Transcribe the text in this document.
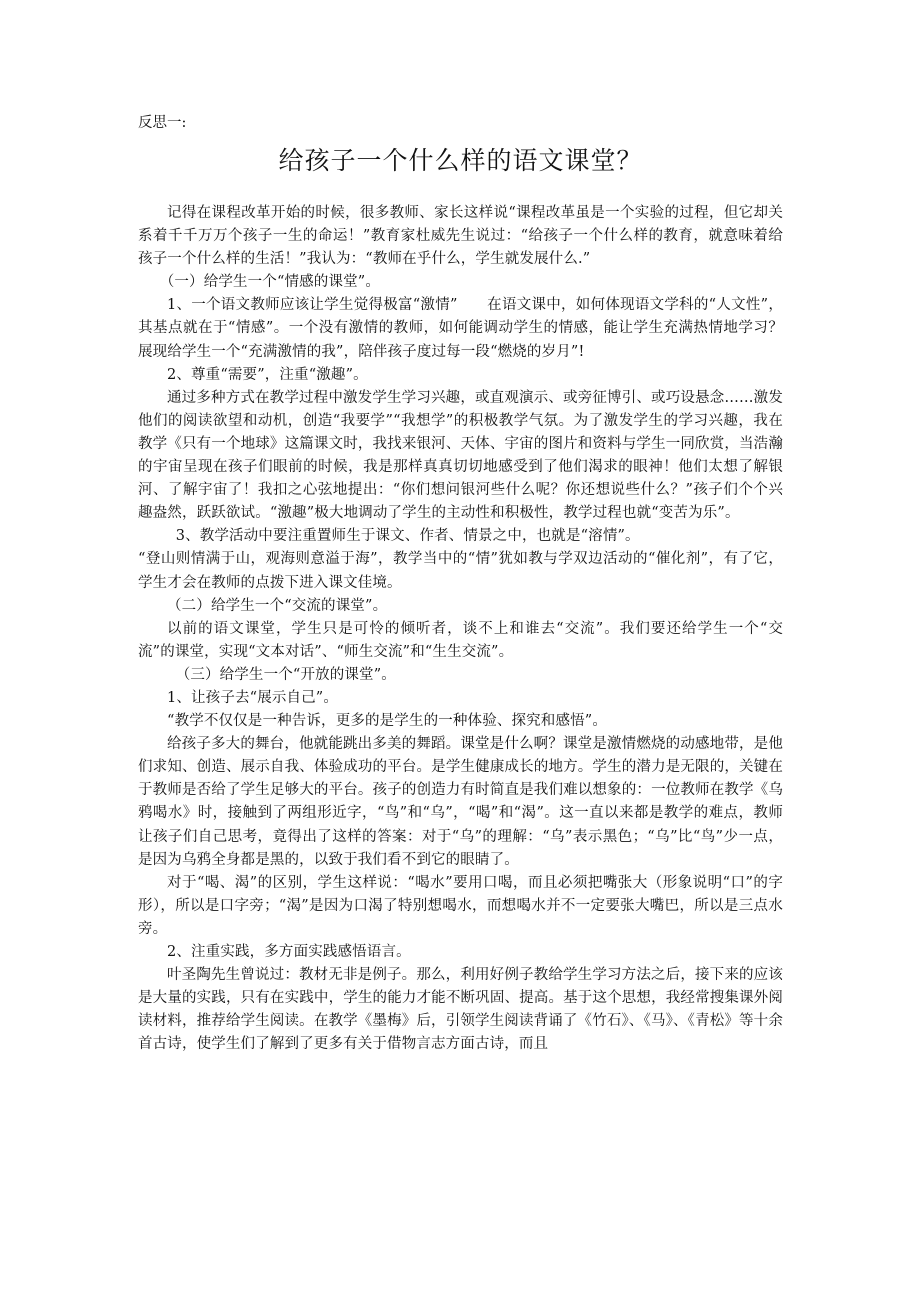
反思一:
给孩子一个什么样的语文课堂？

记得在课程改革开始的时候，很多教师、家长这样说“课程改革虽是一个实验的过程，但它却关系着千千万万个孩子一生的命运！”教育家杜威先生说过：“给孩子一个什么样的教育，就意味着给孩子一个什么样的生活！”我认为：“教师在乎什么，学生就发展什么.”

（一）给学生一个“情感的课堂”。

1、一个语文教师应该让学生觉得极富“激情”　　在语文课中，如何体现语文学科的“人文性”，其基点就在于“情感”。一个没有激情的教师，如何能调动学生的情感，能让学生充满热情地学习？展现给学生一个“充满激情的我”，陪伴孩子度过每一段“燃烧的岁月”!

2、尊重“需要”，注重“激趣”。

通过多种方式在教学过程中激发学生学习兴趣，或直观演示、或旁征博引、或巧设悬念……激发他们的阅读欲望和动机，创造“我要学”“我想学”的积极教学气氛。为了激发学生的学习兴趣，我在教学《只有一个地球》这篇课文时，我找来银河、天体、宇宙的图片和资料与学生一同欣赏，当浩瀚的宇宙呈现在孩子们眼前的时候，我是那样真真切切地感受到了他们渴求的眼神！他们太想了解银河、了解宇宙了！我扣之心弦地提出：“你们想问银河些什么呢？你还想说些什么？”孩子们个个兴趣盎然，跃跃欲试。“激趣”极大地调动了学生的主动性和积极性，教学过程也就“变苦为乐”。

3、教学活动中要注重置师生于课文、作者、情景之中，也就是“溶情”。

“登山则情满于山，观海则意溢于海”，教学当中的“情”犹如教与学双边活动的“催化剂”，有了它，学生才会在教师的点拨下进入课文佳境。

（二）给学生一个“交流的课堂”。

以前的语文课堂，学生只是可怜的倾听者，谈不上和谁去“交流”。我们要还给学生一个“交流”的课堂，实现“文本对话”、“师生交流”和“生生交流”。

（三）给学生一个“开放的课堂”。

1、让孩子去“展示自己”。

“教学不仅仅是一种告诉，更多的是学生的一种体验、探究和感悟”。

给孩子多大的舞台，他就能跳出多美的舞蹈。课堂是什么啊？课堂是激情燃烧的动感地带，是他们求知、创造、展示自我、体验成功的平台。是学生健康成长的地方。学生的潜力是无限的，关键在于教师是否给了学生足够大的平台。孩子的创造力有时简直是我们难以想象的：一位教师在教学《乌鸦喝水》时，接触到了两组形近字，“鸟”和“乌”，“喝”和“渴”。这一直以来都是教学的难点，教师让孩子们自己思考，竟得出了这样的答案：对于“乌”的理解：“乌”表示黑色；“乌”比“鸟”少一点，是因为乌鸦全身都是黑的，以致于我们看不到它的眼睛了。

对于“喝、渴”的区别，学生这样说：“喝水”要用口喝，而且必须把嘴张大（形象说明“口”的字形），所以是口字旁；“渴”是因为口渴了特别想喝水，而想喝水并不一定要张大嘴巴，所以是三点水旁。

2、注重实践，多方面实践感悟语言。

叶圣陶先生曾说过：教材无非是例子。那么，利用好例子教给学生学习方法之后，接下来的应该是大量的实践，只有在实践中，学生的能力才能不断巩固、提高。基于这个思想，我经常搜集课外阅读材料，推荐给学生阅读。在教学《墨梅》后，引领学生阅读背诵了《竹石》、《马》、《青松》等十余首古诗，使学生们了解到了更多有关于借物言志方面古诗，而且
